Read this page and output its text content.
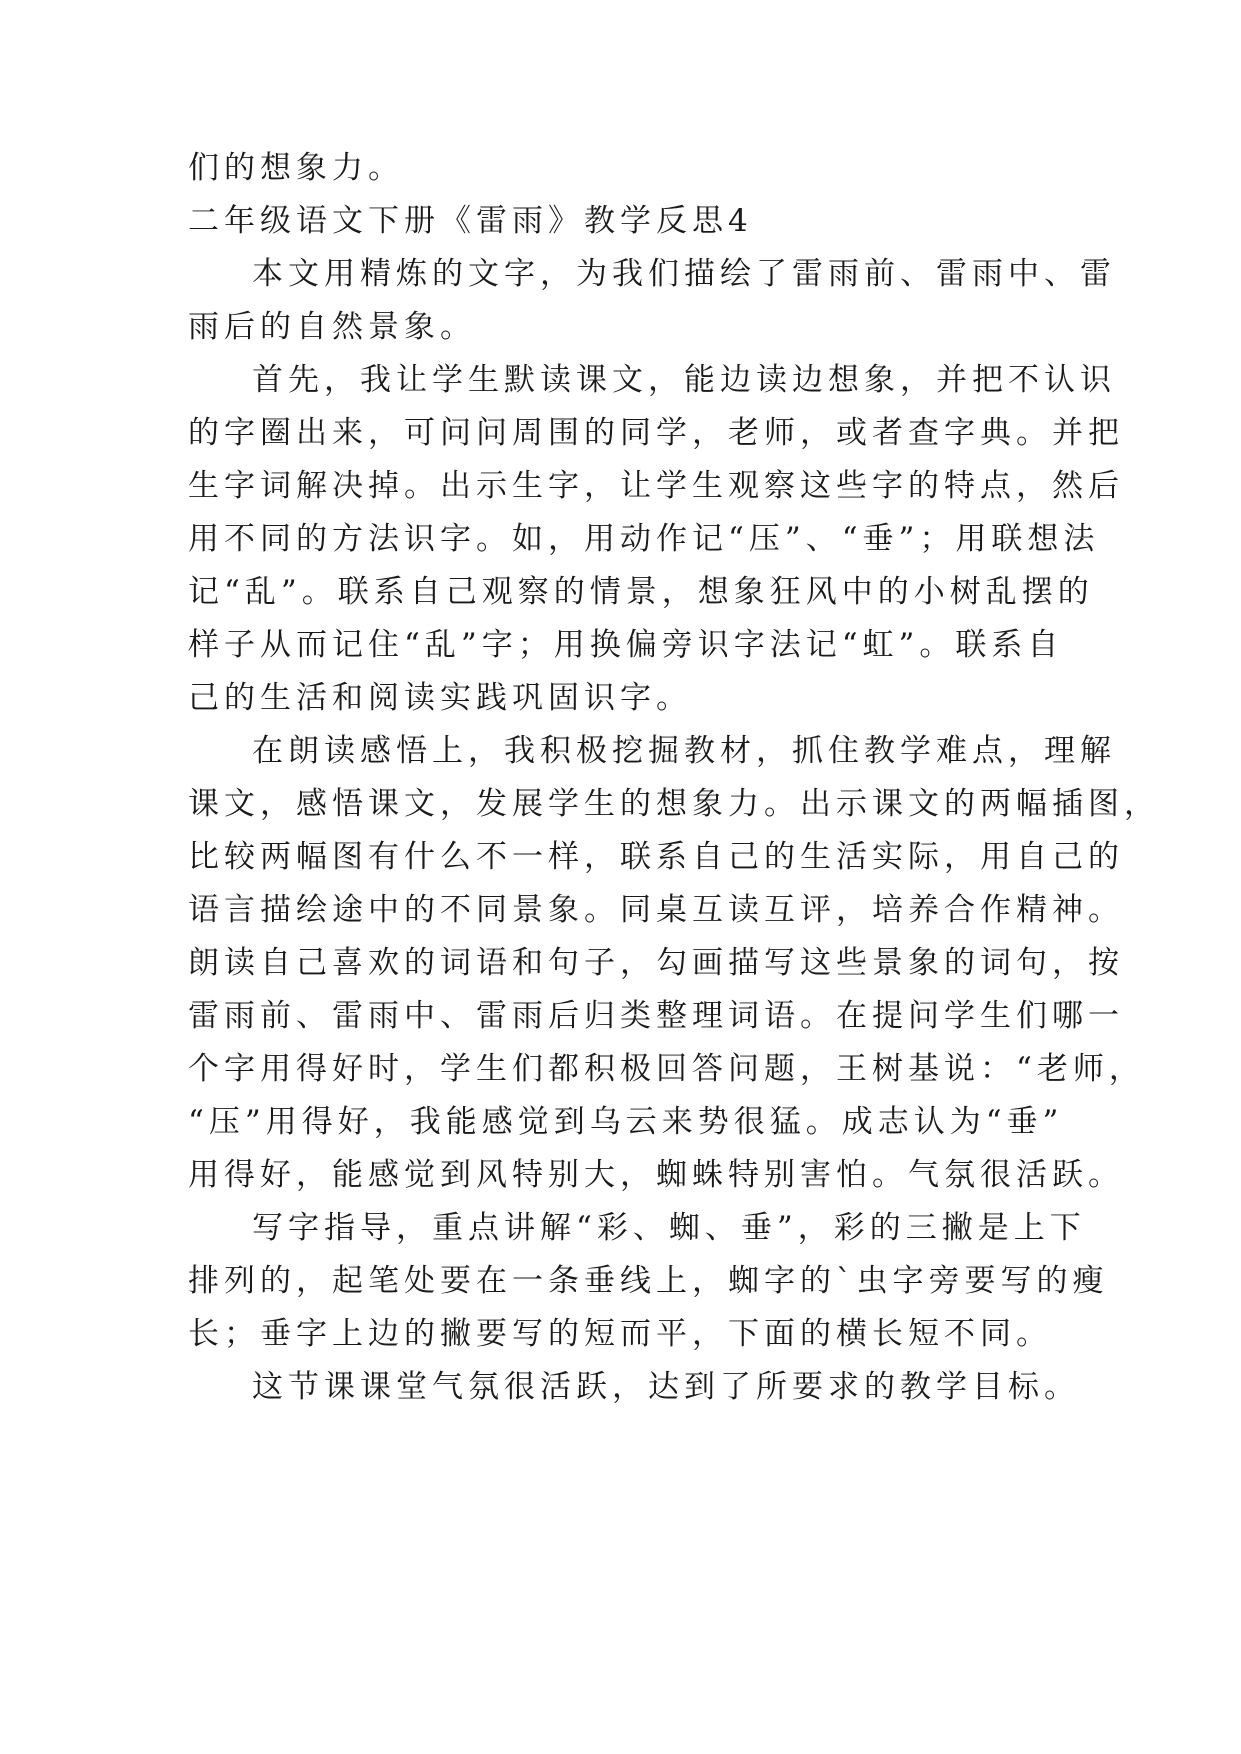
们的想象力。
二年级语文下册《雷雨》教学反思4
本文用精炼的文字，为我们描绘了雷雨前、雷雨中、雷
雨后的自然景象。
首先，我让学生默读课文，能边读边想象，并把不认识
的字圈出来，可问问周围的同学，老师，或者查字典。并把
生字词解决掉。出示生字，让学生观察这些字的特点，然后
用不同的方法识字。如，用动作记“压”、“垂”；用联想法
记“乱”。联系自己观察的情景，想象狂风中的小树乱摆的
样子从而记住“乱”字；用换偏旁识字法记“虹”。联系自
己的生活和阅读实践巩固识字。
在朗读感悟上，我积极挖掘教材，抓住教学难点，理解
课文，感悟课文，发展学生的想象力。出示课文的两幅插图，
比较两幅图有什么不一样，联系自己的生活实际，用自己的
语言描绘途中的不同景象。同桌互读互评，培养合作精神。
朗读自己喜欢的词语和句子，勾画描写这些景象的词句，按
雷雨前、雷雨中、雷雨后归类整理词语。在提问学生们哪一
个字用得好时，学生们都积极回答问题，王树基说：“老师，
“压”用得好，我能感觉到乌云来势很猛。成志认为“垂”
用得好，能感觉到风特别大，蜘蛛特别害怕。气氛很活跃。
写字指导，重点讲解“彩、蜘、垂”，彩的三撇是上下
排列的，起笔处要在一条垂线上，蜘字的`虫字旁要写的瘦
长；垂字上边的撇要写的短而平，下面的横长短不同。
这节课课堂气氛很活跃，达到了所要求的教学目标。
